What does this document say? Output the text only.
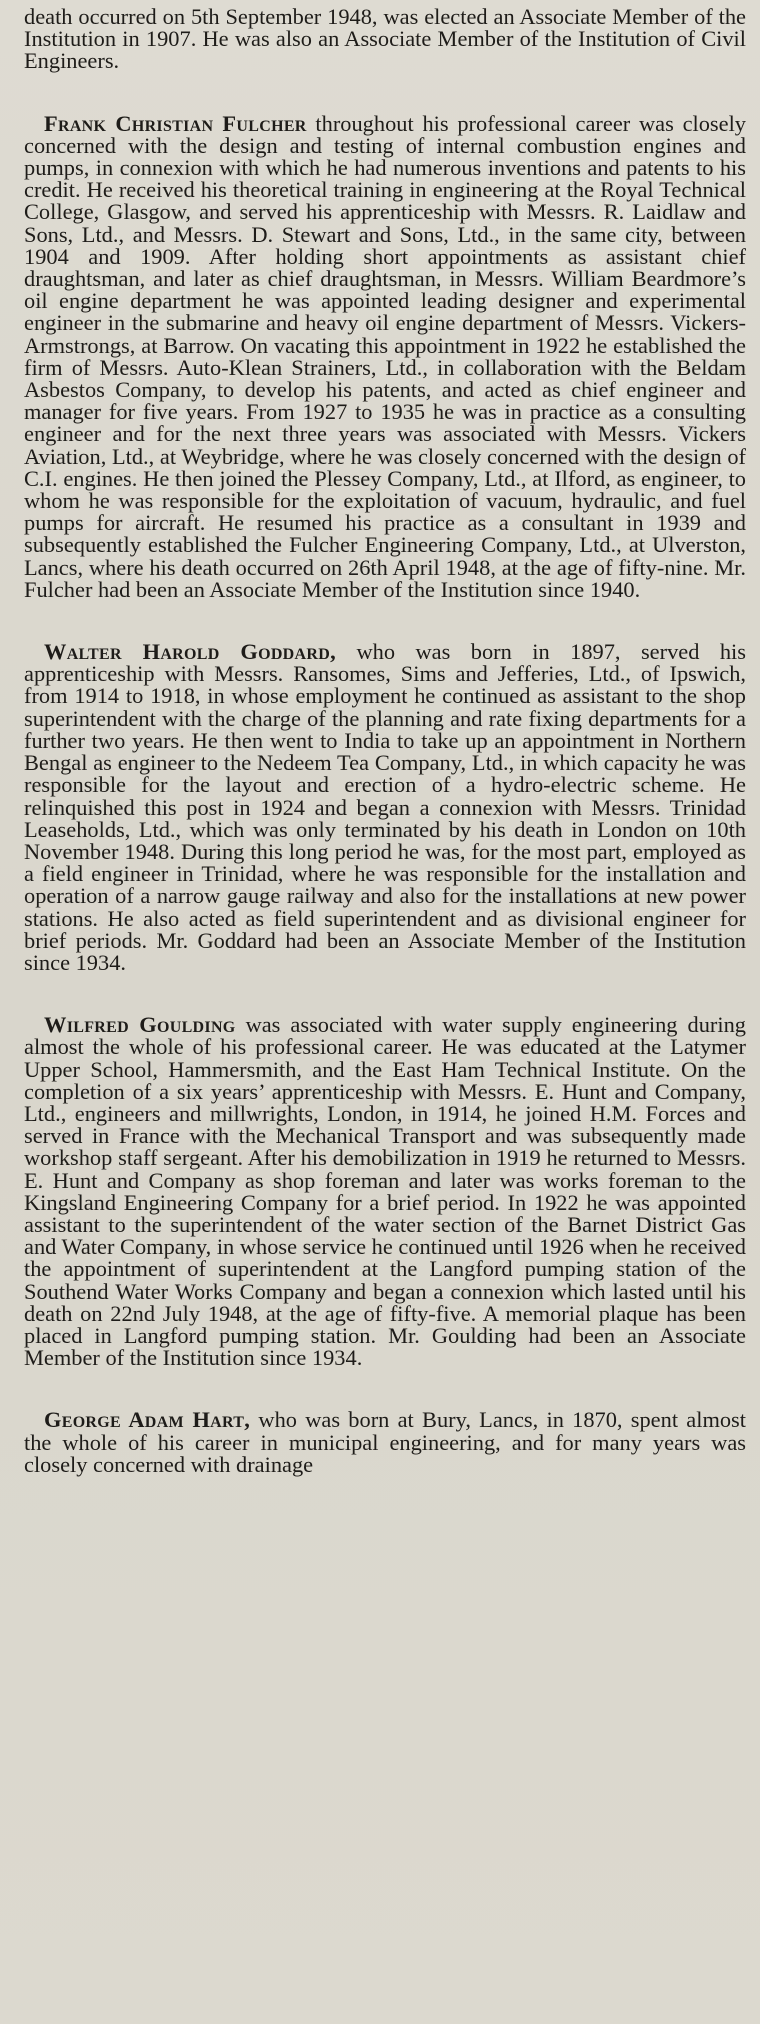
death occurred on 5th September 1948, was elected an Associate Member of the Institution in 1907. He was also an Associate Member of the Institution of Civil Engineers.

Frank Christian Fulcher throughout his professional career was closely concerned with the design and testing of internal combustion engines and pumps, in connexion with which he had numerous inventions and patents to his credit. He received his theoretical training in engineering at the Royal Technical College, Glasgow, and served his apprenticeship with Messrs. R. Laidlaw and Sons, Ltd., and Messrs. D. Stewart and Sons, Ltd., in the same city, between 1904 and 1909. After holding short appointments as assistant chief draughtsman, and later as chief draughtsman, in Messrs. William Beardmore’s oil engine department he was appointed leading designer and experimental engineer in the submarine and heavy oil engine department of Messrs. Vickers-Armstrongs, at Barrow. On vacating this appointment in 1922 he established the firm of Messrs. Auto-Klean Strainers, Ltd., in collaboration with the Beldam Asbestos Company, to develop his patents, and acted as chief engineer and manager for five years. From 1927 to 1935 he was in practice as a consulting engineer and for the next three years was associated with Messrs. Vickers Aviation, Ltd., at Weybridge, where he was closely concerned with the design of C.I. engines. He then joined the Plessey Company, Ltd., at Ilford, as engineer, to whom he was responsible for the exploitation of vacuum, hydraulic, and fuel pumps for aircraft. He resumed his practice as a consultant in 1939 and subsequently established the Fulcher Engineering Company, Ltd., at Ulverston, Lancs, where his death occurred on 26th April 1948, at the age of fifty-nine. Mr. Fulcher had been an Associate Member of the Institution since 1940.

Walter Harold Goddard, who was born in 1897, served his apprenticeship with Messrs. Ransomes, Sims and Jefferies, Ltd., of Ipswich, from 1914 to 1918, in whose employment he continued as assistant to the shop superintendent with the charge of the planning and rate fixing departments for a further two years. He then went to India to take up an appointment in Northern Bengal as engineer to the Nedeem Tea Company, Ltd., in which capacity he was responsible for the layout and erection of a hydro-electric scheme. He relinquished this post in 1924 and began a connexion with Messrs. Trinidad Leaseholds, Ltd., which was only terminated by his death in London on 10th November 1948. During this long period he was, for the most part, employed as a field engineer in Trinidad, where he was responsible for the installation and operation of a narrow gauge railway and also for the installations at new power stations. He also acted as field superintendent and as divisional engineer for brief periods. Mr. Goddard had been an Associate Member of the Institution since 1934.

Wilfred Goulding was associated with water supply engineering during almost the whole of his professional career. He was educated at the Latymer Upper School, Hammersmith, and the East Ham Technical Institute. On the completion of a six years’ apprenticeship with Messrs. E. Hunt and Company, Ltd., engineers and millwrights, London, in 1914, he joined H.M. Forces and served in France with the Mechanical Transport and was subsequently made workshop staff sergeant. After his demobilization in 1919 he returned to Messrs. E. Hunt and Company as shop foreman and later was works foreman to the Kingsland Engineering Company for a brief period. In 1922 he was appointed assistant to the superintendent of the water section of the Barnet District Gas and Water Company, in whose service he continued until 1926 when he received the appointment of superintendent at the Langford pumping station of the Southend Water Works Company and began a connexion which lasted until his death on 22nd July 1948, at the age of fifty-five. A memorial plaque has been placed in Langford pumping station. Mr. Goulding had been an Associate Member of the Institution since 1934.

George Adam Hart, who was born at Bury, Lancs, in 1870, spent almost the whole of his career in municipal engineering, and for many years was closely concerned with drainage
